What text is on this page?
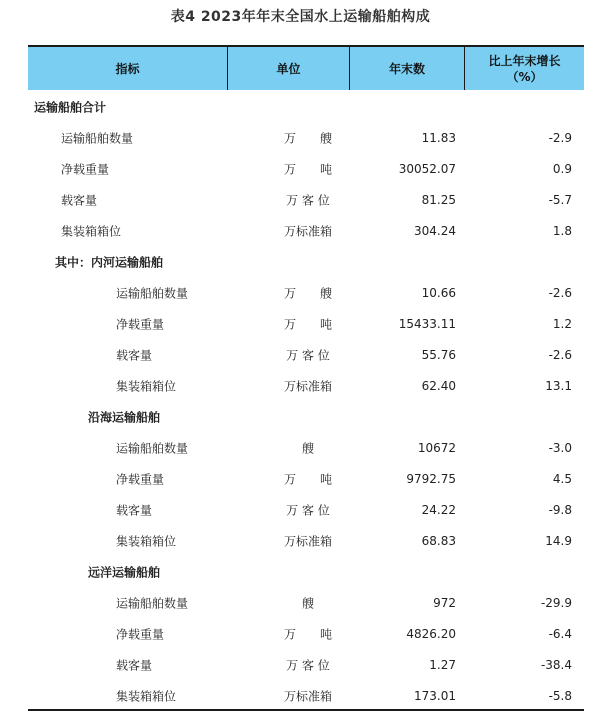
表4 2023年年末全国水上运输船舶构成
指标	单位	年末数
比上年末增长
（%）
运输船舶合计
运输船舶数量	万　　艘	11.83	-2.9
净载重量	万　　吨	30052.07	0.9
载客量	万 客 位	81.25	-5.7
集装箱箱位	万标准箱	304.24	1.8
其中：内河运输船舶
运输船舶数量	万　　艘	10.66	-2.6
净载重量	万　　吨	15433.11	1.2
载客量	万 客 位	55.76	-2.6
集装箱箱位	万标准箱	62.40	13.1
沿海运输船舶
运输船舶数量	艘	10672	-3.0
净载重量	万　　吨	9792.75	4.5
载客量	万 客 位	24.22	-9.8
集装箱箱位	万标准箱	68.83	14.9
远洋运输船舶
运输船舶数量	艘	972	-29.9
净载重量	万　　吨	4826.20	-6.4
载客量	万 客 位	1.27	-38.4
集装箱箱位	万标准箱	173.01	-5.8
